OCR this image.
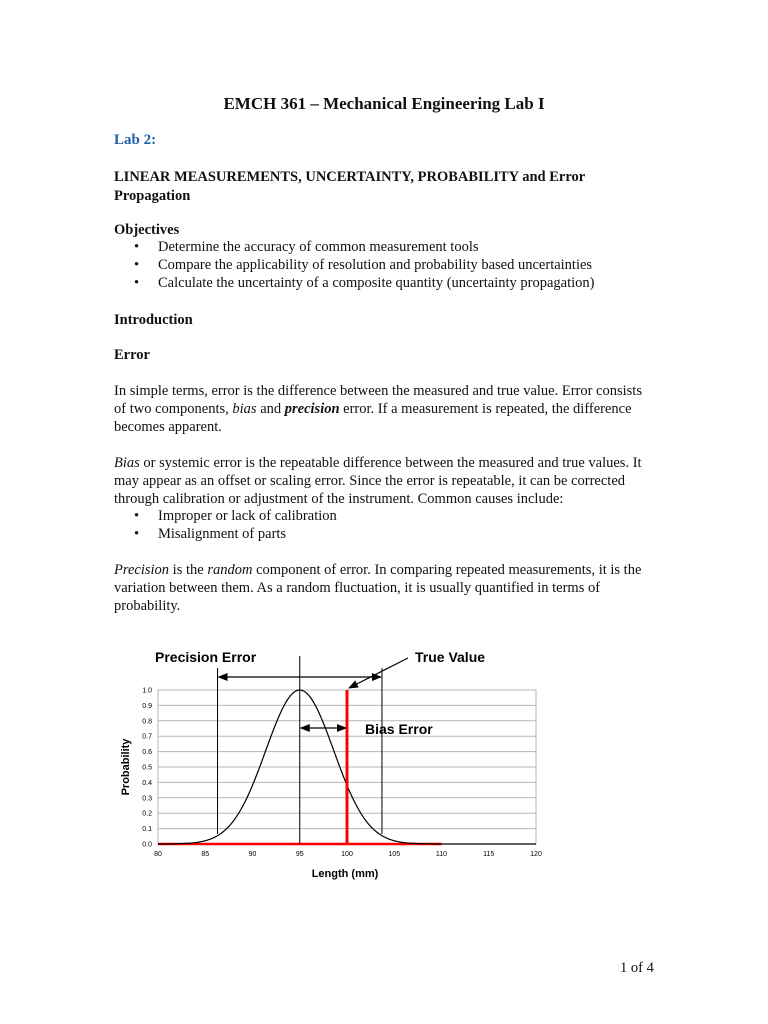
EMCH 361 – Mechanical Engineering Lab I
Lab 2:
LINEAR MEASUREMENTS, UNCERTAINTY, PROBABILITY and Error Propagation
Objectives
• Determine the accuracy of common measurement tools
• Compare the applicability of resolution and probability based uncertainties
• Calculate the uncertainty of a composite quantity (uncertainty propagation)
Introduction
Error
In simple terms, error is the difference between the measured and true value. Error consists of two components, bias and precision error. If a measurement is repeated, the difference becomes apparent.
Bias or systemic error is the repeatable difference between the measured and true values. It may appear as an offset or scaling error. Since the error is repeatable, it can be corrected through calibration or adjustment of the instrument. Common causes include:
• Improper or lack of calibration
• Misalignment of parts
Precision is the random component of error. In comparing repeated measurements, it is the variation between them. As a random fluctuation, it is usually quantified in terms of probability.
0.0
0.1
0.2
0.3
0.4
0.5
0.6
0.7
0.8
0.9
1.0
80	85	90	95	100	105	110	115	120
Length (mm)
Probability
Precision Error	True Value
Bias Error
1 of 4
